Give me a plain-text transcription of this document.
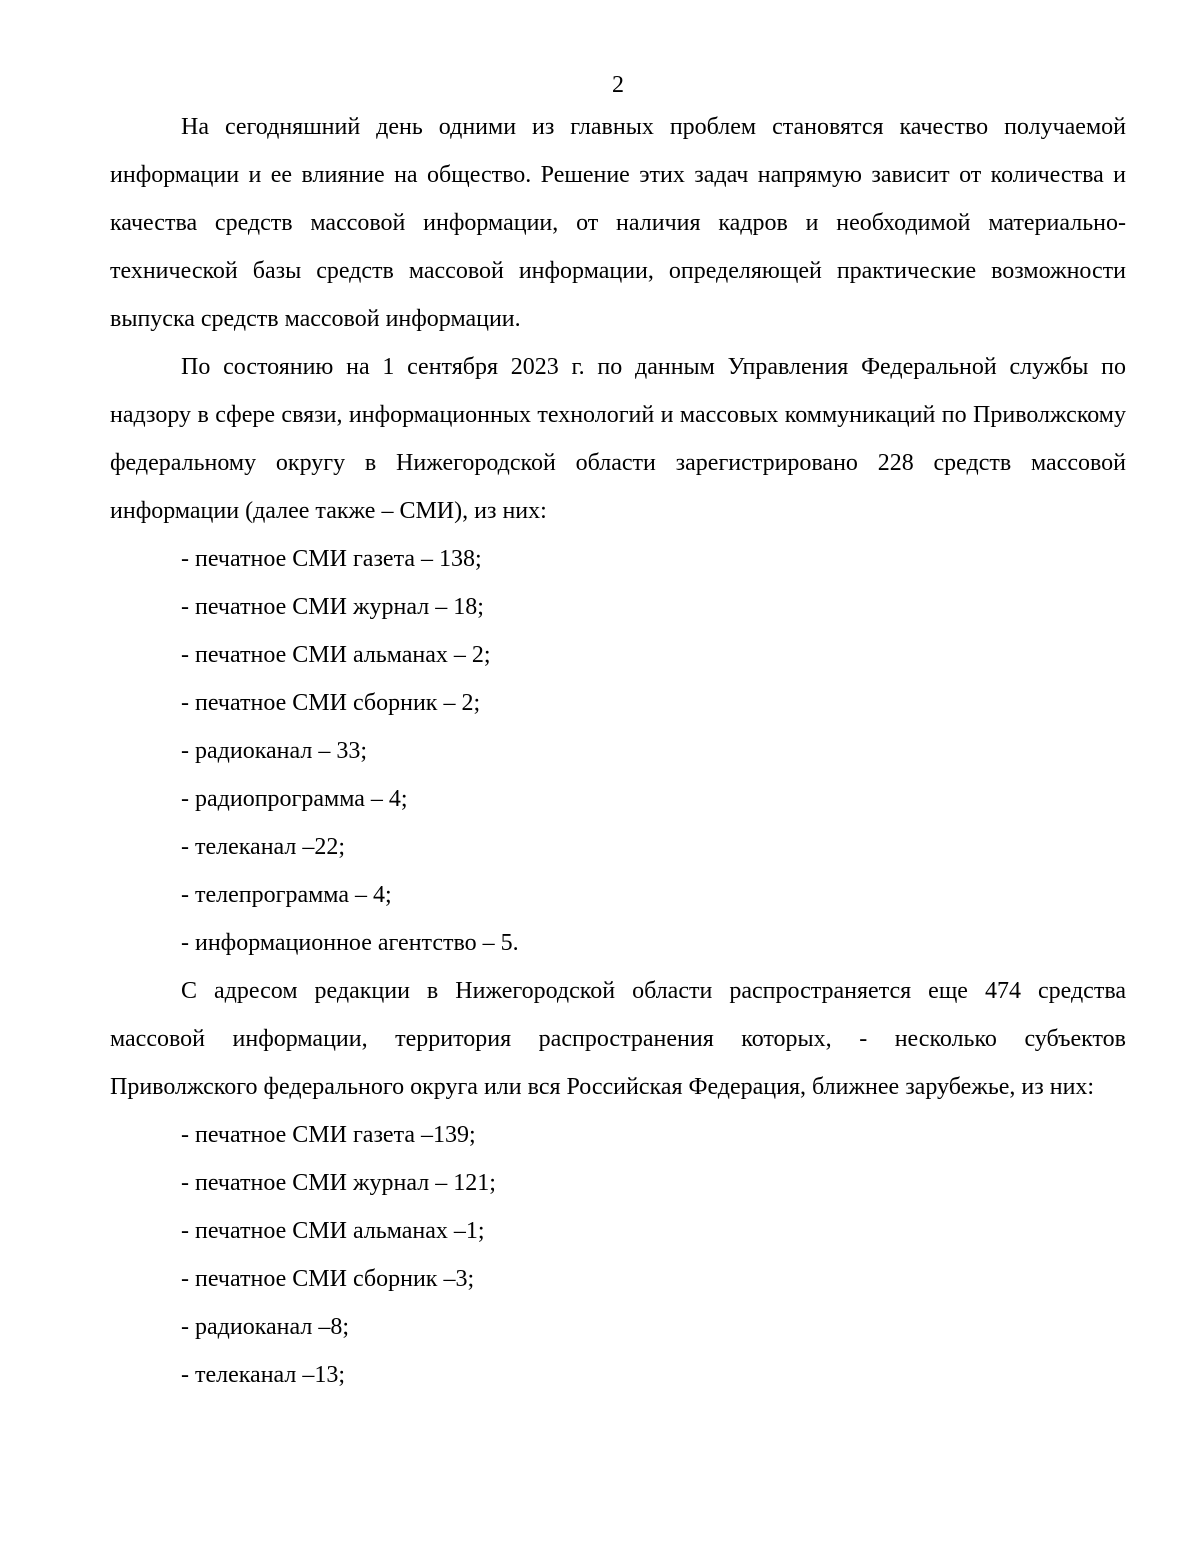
2

На сегодняшний день одними из главных проблем становятся качество получаемой информации и ее влияние на общество. Решение этих задач напрямую зависит от количества и качества средств массовой информации, от наличия кадров и необходимой материально-технической базы средств массовой информации, определяющей практические возможности выпуска средств массовой информации.

По состоянию на 1 сентября 2023 г. по данным Управления Федеральной службы по надзору в сфере связи, информационных технологий и массовых коммуникаций по Приволжскому федеральному округу в Нижегородской области зарегистрировано 228 средств массовой информации (далее также – СМИ), из них:

- печатное СМИ газета – 138;
- печатное СМИ журнал – 18;
- печатное СМИ альманах – 2;
- печатное СМИ сборник – 2;
- радиоканал – 33;
- радиопрограмма – 4;
- телеканал –22;
- телепрограмма – 4;
- информационное агентство – 5.

С адресом редакции в Нижегородской области распространяется еще 474 средства массовой информации, территория распространения которых, - несколько субъектов Приволжского федерального округа или вся Российская Федерация, ближнее зарубежье, из них:

- печатное СМИ газета –139;
- печатное СМИ журнал – 121;
- печатное СМИ альманах –1;
- печатное СМИ сборник –3;
- радиоканал –8;
- телеканал –13;
